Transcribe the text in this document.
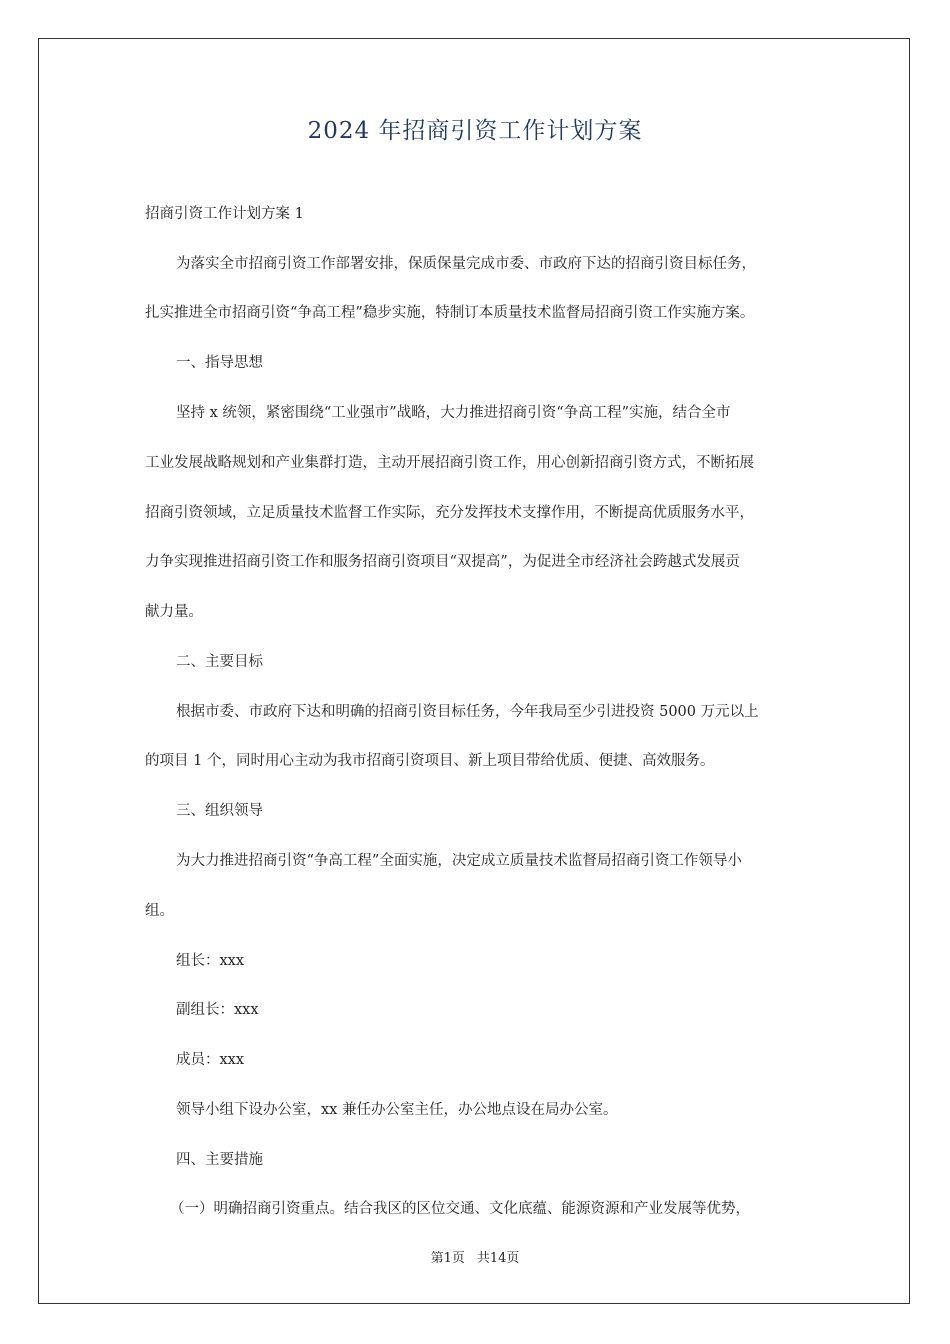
2024 年招商引资工作计划方案
招商引资工作计划方案 1
为落实全市招商引资工作部署安排，保质保量完成市委、市政府下达的招商引资目标任务，
扎实推进全市招商引资“争高工程”稳步实施，特制订本质量技术监督局招商引资工作实施方案。
一、指导思想
坚持 x 统领，紧密围绕“工业强市”战略，大力推进招商引资“争高工程”实施，结合全市
工业发展战略规划和产业集群打造，主动开展招商引资工作，用心创新招商引资方式，不断拓展
招商引资领域，立足质量技术监督工作实际，充分发挥技术支撑作用，不断提高优质服务水平，
力争实现推进招商引资工作和服务招商引资项目“双提高”，为促进全市经济社会跨越式发展贡
献力量。
二、主要目标
根据市委、市政府下达和明确的招商引资目标任务，今年我局至少引进投资 5000 万元以上
的项目 1 个，同时用心主动为我市招商引资项目、新上项目带给优质、便捷、高效服务。
三、组织领导
为大力推进招商引资“争高工程”全面实施，决定成立质量技术监督局招商引资工作领导小
组。
组长：xxx
副组长：xxx
成员：xxx
领导小组下设办公室，xx 兼任办公室主任，办公地点设在局办公室。
四、主要措施
（一）明确招商引资重点。结合我区的区位交通、文化底蕴、能源资源和产业发展等优势，
第1页 共14页
